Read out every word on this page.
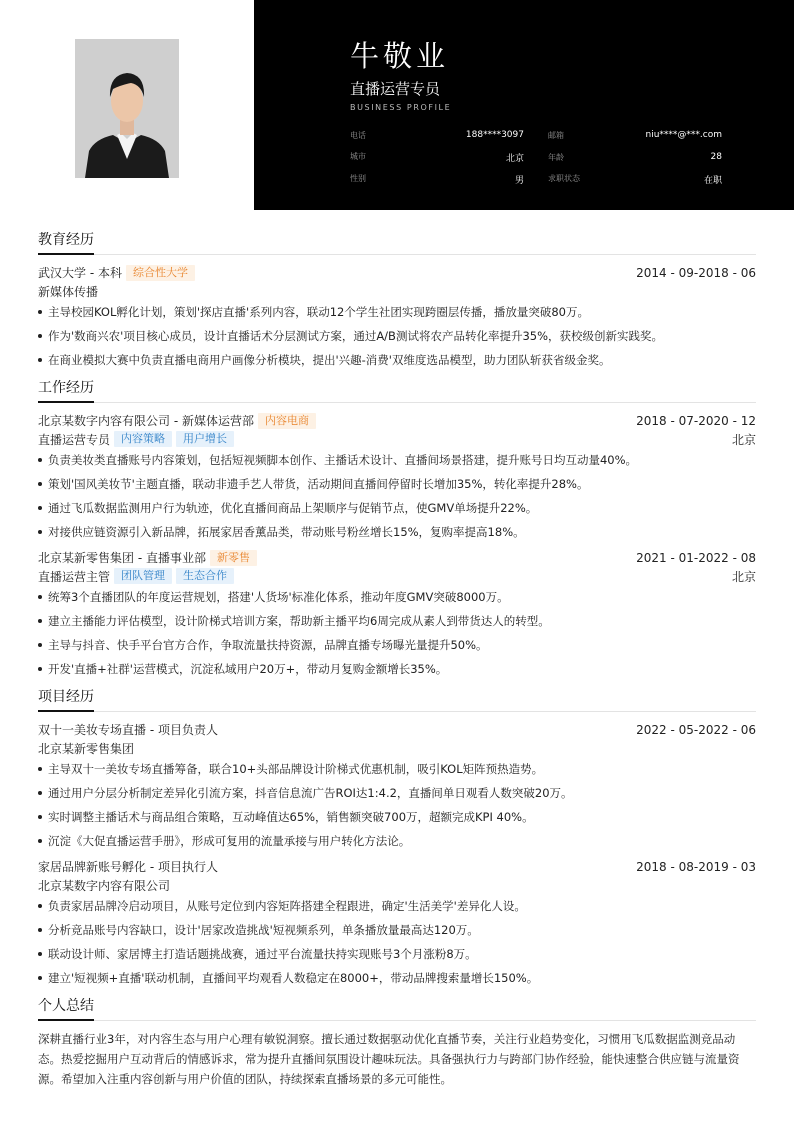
牛敬业
直播运营专员
BUSINESS PROFILE
电话	188****3097	邮箱	niu****@***.com
城市	北京	年龄	28
性别	男	求职状态	在职
教育经历
武汉大学 - 本科	综合性大学	2014 - 09-2018 - 06
新媒体传播
主导校园KOL孵化计划，策划'探店直播'系列内容，联动12个学生社团实现跨圈层传播，播放量突破80万。
作为'数商兴农'项目核心成员，设计直播话术分层测试方案，通过A/B测试将农产品转化率提升35%，获校级创新实践奖。
在商业模拟大赛中负责直播电商用户画像分析模块，提出'兴趣-消费'双维度选品模型，助力团队斩获省级金奖。
工作经历
北京某数字内容有限公司 - 新媒体运营部	内容电商	2018 - 07-2020 - 12
直播运营专员	内容策略	用户增长	北京
负责美妆类直播账号内容策划，包括短视频脚本创作、主播话术设计、直播间场景搭建，提升账号日均互动量40%。
策划'国风美妆节'主题直播，联动非遗手艺人带货，活动期间直播间停留时长增加35%，转化率提升28%。
通过飞瓜数据监测用户行为轨迹，优化直播间商品上架顺序与促销节点，使GMV单场提升22%。
对接供应链资源引入新品牌，拓展家居香薰品类，带动账号粉丝增长15%，复购率提高18%。
北京某新零售集团 - 直播事业部	新零售	2021 - 01-2022 - 08
直播运营主管	团队管理	生态合作	北京
统筹3个直播团队的年度运营规划，搭建'人货场'标准化体系，推动年度GMV突破8000万。
建立主播能力评估模型，设计阶梯式培训方案，帮助新主播平均6周完成从素人到带货达人的转型。
主导与抖音、快手平台官方合作，争取流量扶持资源，品牌直播专场曝光量提升50%。
开发'直播+社群'运营模式，沉淀私域用户20万+，带动月复购金额增长35%。
项目经历
双十一美妆专场直播 - 项目负责人	2022 - 05-2022 - 06
北京某新零售集团
主导双十一美妆专场直播筹备，联合10+头部品牌设计阶梯式优惠机制，吸引KOL矩阵预热造势。
通过用户分层分析制定差异化引流方案，抖音信息流广告ROI达1:4.2，直播间单日观看人数突破20万。
实时调整主播话术与商品组合策略，互动峰值达65%，销售额突破700万，超额完成KPI 40%。
沉淀《大促直播运营手册》，形成可复用的流量承接与用户转化方法论。
家居品牌新账号孵化 - 项目执行人	2018 - 08-2019 - 03
北京某数字内容有限公司
负责家居品牌冷启动项目，从账号定位到内容矩阵搭建全程跟进，确定'生活美学'差异化人设。
分析竞品账号内容缺口，设计'居家改造挑战'短视频系列，单条播放量最高达120万。
联动设计师、家居博主打造话题挑战赛，通过平台流量扶持实现账号3个月涨粉8万。
建立'短视频+直播'联动机制，直播间平均观看人数稳定在8000+，带动品牌搜索量增长150%。
个人总结

深耕直播行业3年，对内容生态与用户心理有敏锐洞察。擅长通过数据驱动优化直播节奏，关注行业趋势变化，习惯用飞瓜数据监测竞品动态。热爱挖掘用户互动背后的情感诉求，常为提升直播间氛围设计趣味玩法。具备强执行力与跨部门协作经验，能快速整合供应链与流量资源。希望加入注重内容创新与用户价值的团队，持续探索直播场景的多元可能性。
